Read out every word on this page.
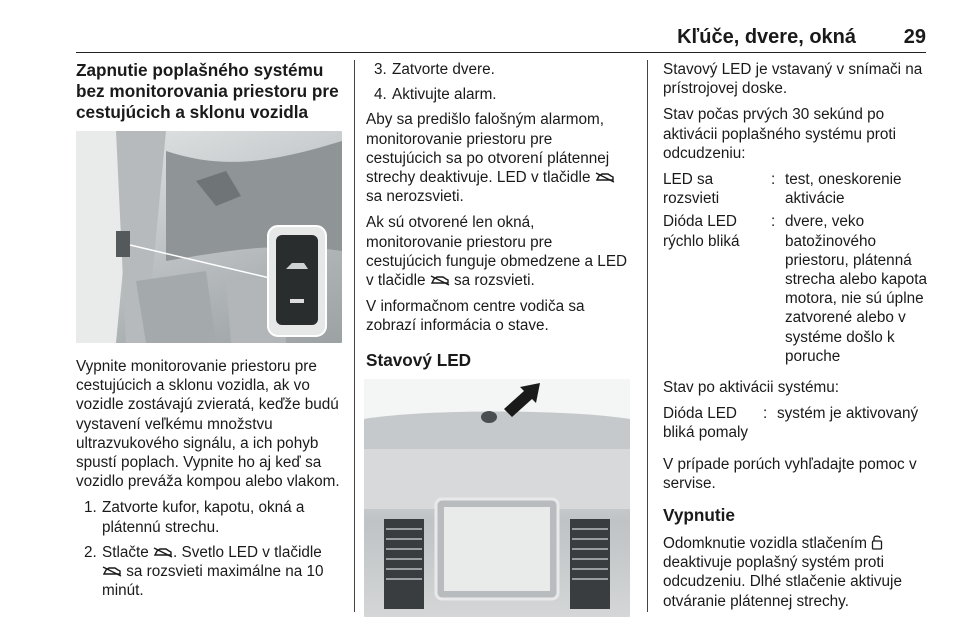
Kľúče, dvere, okná 29
Zapnutie poplašného systému bez monitorovania priestoru pre cestujúcich a sklonu vozidla

Vypnite monitorovanie priestoru pre cestujúcich a sklonu vozidla, ak vo vozidle zostávajú zvieratá, keďže budú vystavení veľkému množstvu ultrazvukového signálu, a ich pohyb spustí poplach. Vypnite ho aj keď sa vozidlo preváža kompou alebo vlakom.

1. Zatvorte kufor, kapotu, okná a plátennú strechu.
2. Stlačte . Svetlo LED v tlačidle  sa rozsvieti maximálne na 10 minút.
3. Zatvorte dvere.
4. Aktivujte alarm.

Aby sa predišlo falošným alarmom, monitorovanie priestoru pre cestujúcich sa po otvorení plátennej strechy deaktivuje. LED v tlačidle  sa nerozsvieti.

Ak sú otvorené len okná, monitorovanie priestoru pre cestujúcich funguje obmedzene a LED v tlačidle sa rozsvieti.

V informačnom centre vodiča sa zobrazí informácia o stave.

Stavový LED

Stavový LED je vstavaný v snímači na prístrojovej doske.

Stav počas prvých 30 sekúnd po aktivácii poplašného systému proti odcudzeniu:

LED sa rozsvieti	:	test, oneskorenie aktivácie
Dióda LED rýchlo bliká	:	dvere, veko batožinového priestoru, plátenná strecha alebo kapota motora, nie sú úplne zatvorené alebo v systéme došlo k poruche

Stav po aktivácii systému:

Dióda LED bliká pomaly	:	systém je aktivovaný

V prípade porúch vyhľadajte pomoc v servise.

Vypnutie

Odomknutie vozidla stlačením  deaktivuje poplašný systém proti odcudzeniu. Dlhé stlačenie aktivuje otváranie plátennej strechy.
